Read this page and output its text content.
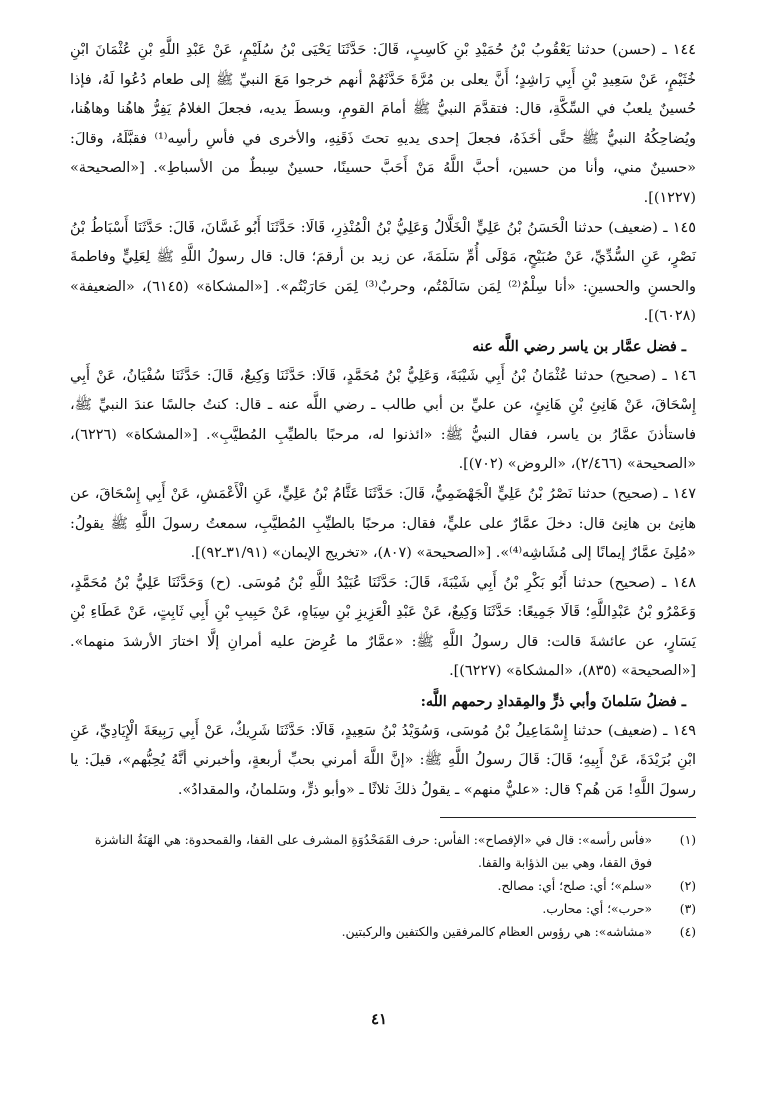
١٤٤ ـ (حسن) حدثنا يَعْقُوبُ بْنُ حُمَيْدِ بْنِ كَاسِبٍ، قَالَ: حَدَّثَنَا يَحْيَى بْنُ سُلَيْمٍ، عَنْ عَبْدِ اللَّهِ بْنِ عُثْمَانَ ابْنِ خُثَيْمٍ، عَنْ سَعِيدِ بْنِ أَبِي رَاشِدٍ؛ أَنَّ يعلى بن مُرَّةَ حَدَّثَهُمْ أنهم خرجوا مَعَ النبيِّ ﷺ إلى طعام دُعُوا لَهُ، فإذا حُسينٌ يلعبُ في السِّكَّةِ، قال: فتقدَّمَ النبيُّ ﷺ أمامَ القومِ، وبسطَ يديه، فجعلَ الغلامُ يَفِرُّ هاهُنا وهاهُنا، ويُضاحِكُهُ النبيُّ ﷺ حتَّى أخَذَهُ، فجعلَ إحدى يديهِ تحتَ ذَقَنِهِ، والأخرى في فأسِ رأسِه⁽¹⁾ فقبَّلَهُ، وقالَ: «حسينٌ مني، وأنا من حسين، أحبَّ اللَّهُ مَنْ أَحَبَّ حسينًا، حسينٌ سِبطٌ من الأسباطِ». [«الصحيحة» (١٢٢٧)].

١٤٥ ـ (ضعيف) حدثنا الْحَسَنُ بْنُ عَلِيٍّ الْخَلَّالُ وَعَلِيُّ بْنُ الْمُنْذِرِ، قَالَا: حَدَّثَنَا أَبُو غَسَّانَ، قَالَ: حَدَّثَنَا أَسْبَاطُ بْنُ نَصْرٍ، عَنِ السُّدِّيِّ، عَنْ صُبَيْحٍ، مَوْلَى أُمِّ سَلَمَةَ، عن زيد بن أرقمَ؛ قال: قال رسولُ اللَّهِ ﷺ لِعَلِيٍّ وفاطمةَ والحسنِ والحسينِ: «أنا سِلْمٌ⁽²⁾ لِمَن سَالَمْتُم، وحربٌ⁽³⁾ لِمَن حَارَبْتُم». [«المشكاة» (٦١٤٥)، «الضعيفة» (٦٠٢٨)].

ـ فضل عمَّار بن ياسر رضي اللَّه عنه

١٤٦ ـ (صحيح) حدثنا عُثْمَانُ بْنُ أَبِي شَيْبَةَ، وَعَلِيُّ بْنُ مُحَمَّدٍ، قَالَا: حَدَّثَنَا وَكِيعٌ، قَالَ: حَدَّثَنَا سُفْيَانُ، عَنْ أَبِي إِسْحَاقَ، عَنْ هَانِئِ بْنِ هَانِئٍ، عن عليِّ بن أبي طالب ـ رضي اللَّه عنه ـ قال: كنتُ جالسًا عندَ النبيِّ ﷺ، فاستأذنَ عمَّارُ بن ياسر، فقال النبيُّ ﷺ: «ائذنوا له، مرحبًا بالطيِّبِ المُطيَّبِ». [«المشكاة» (٦٢٢٦)، «الصحيحة» (٢/٤٦٦)، «الروض» (٧٠٢)].

١٤٧ ـ (صحيح) حدثنا نَصْرُ بْنُ عَلِيٍّ الْجَهْضَمِيُّ، قَالَ: حَدَّثَنَا عَثَّامُ بْنُ عَلِيٍّ، عَنِ الْأَعْمَشِ، عَنْ أَبِي إِسْحَاقَ، عن هانِئ بن هانِئ قال: دخلَ عمَّارٌ على عليٍّ، فقال: مرحبًا بالطيِّبِ المُطيَّبِ، سمعتُ رسولَ اللَّهِ ﷺ يقولُ: «مُلِئَ عمَّارٌ إيمانًا إلى مُشَاشِه⁽⁴⁾». [«الصحيحة» (٨٠٧)، «تخريج الإيمان» (٣١/٩١ـ٩٢)].

١٤٨ ـ (صحيح) حدثنا أَبُو بَكْرِ بْنُ أَبِي شَيْبَةَ، قَالَ: حَدَّثَنَا عُبَيْدُ اللَّهِ بْنُ مُوسَى. (ح) وَحَدَّثَنَا عَلِيُّ بْنُ مُحَمَّدٍ، وَعَمْرُو بْنُ عَبْدِاللَّهِ؛ قَالَا جَمِيعًا: حَدَّثَنَا وَكِيعٌ، عَنْ عَبْدِ الْعَزِيزِ بْنِ سِيَاهٍ، عَنْ حَبِيبِ بْنِ أَبِي ثَابِتٍ، عَنْ عَطَاءِ بْنِ يَسَارٍ، عن عائشةَ قالت: قال رسولُ اللَّهِ ﷺ: «عمَّارٌ ما عُرِضَ عليه أمرانِ إلَّا اختارَ الأرشدَ منهما». [«الصحيحة» (٨٣٥)، «المشكاة» (٦٢٢٧)].

ـ فضلُ سَلمانَ وأبي ذرٍّ والمِقدادِ رحمهم اللَّه:

١٤٩ ـ (ضعيف) حدثنا إِسْمَاعِيلُ بْنُ مُوسَى، وَسُوَيْدُ بْنُ سَعِيدٍ، قَالَا: حَدَّثَنَا شَرِيكٌ، عَنْ أَبِي رَبِيعَةَ الْإِيَادِيِّ، عَنِ ابْنِ بُرَيْدَةَ، عَنْ أَبِيهِ؛ قَالَ: قَالَ رسولُ اللَّهِ ﷺ: «إنَّ اللَّهَ أمرني بحبِّ أربعةٍ، وأخبرني أنَّهُ يُحِبُّهم»، قيلَ: يا رسولَ اللَّهِ! مَن هُم؟ قال: «عليٌّ منهم» ـ يقولُ ذلكَ ثلاثًا ـ «وأبو ذرٍّ، وسَلمانُ، والمقدادُ».

(١)
«فأس رأسه»: قال في «الإفصاح»: الفأس: حرف القَمَحْدُوَةِ المشرف على القفا، والقمحدوة: هي الهَنَةُ الناشزة فوق القفا، وهي بين الذؤابة والقفا.
(٢)
«سلم»؛ أي: صلح؛ أي: مصالح.
(٣)
«حرب»؛ أي: محارب.
(٤)
«مشاشه»: هي رؤوس العظام كالمرفقين والكتفين والركبتين.
٤١
